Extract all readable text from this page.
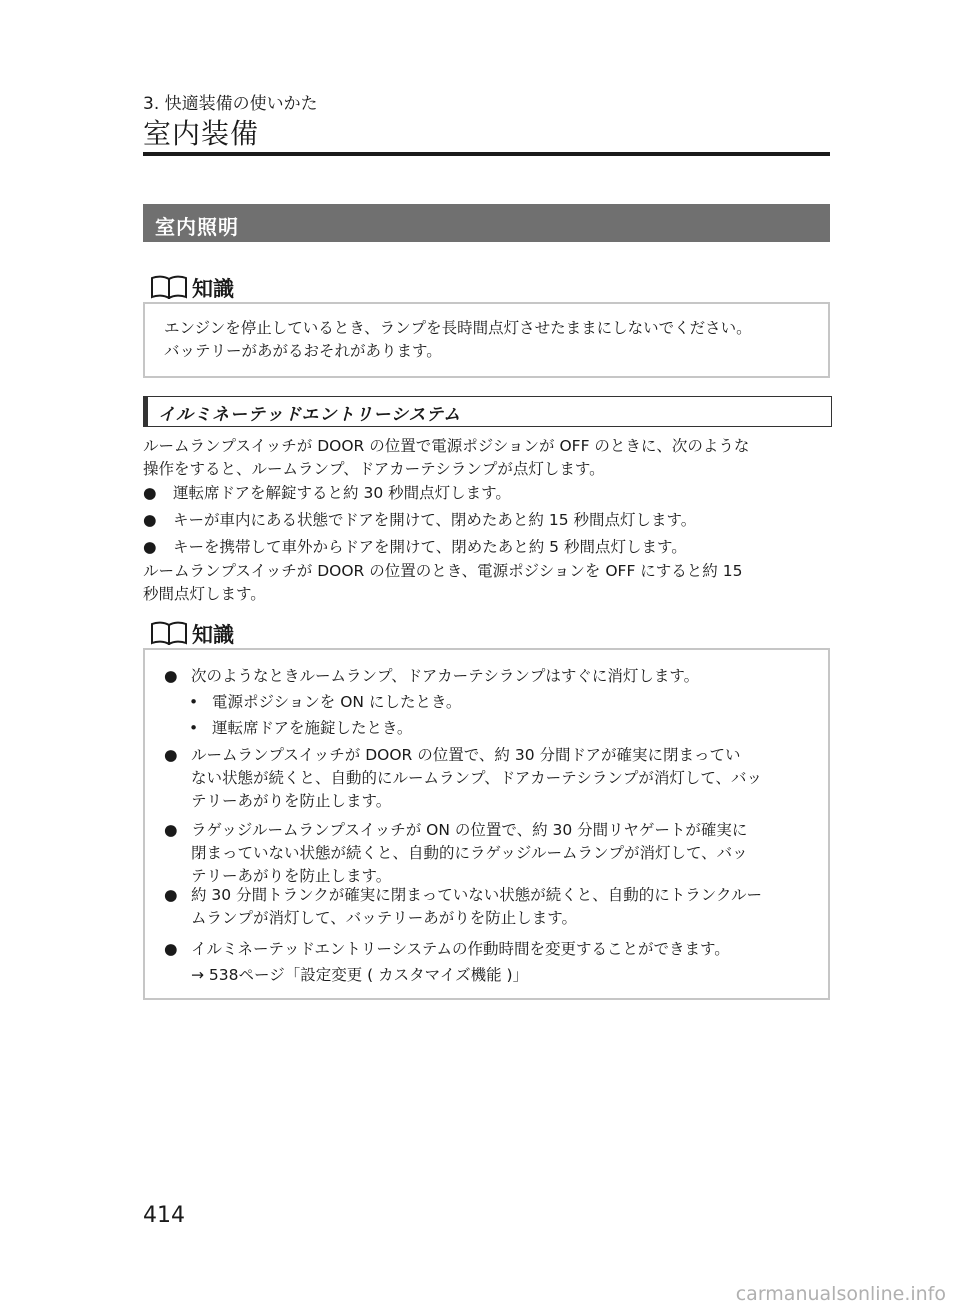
3. 快適装備の使いかた
室内装備
室内照明
知識
エンジンを停止しているとき、ランプを長時間点灯させたままにしないでください。
バッテリーがあがるおそれがあります。
イルミネーテッドエントリーシステム
ルームランプスイッチが DOOR の位置で電源ポジションが OFF のときに、次のような
操作をすると、ルームランプ、ドアカーテシランプが点灯します。
● 運転席ドアを解錠すると約 30 秒間点灯します。
● キーが車内にある状態でドアを開けて、閉めたあと約 15 秒間点灯します。
● キーを携帯して車外からドアを開けて、閉めたあと約 5 秒間点灯します。
ルームランプスイッチが DOOR の位置のとき、電源ポジションを OFF にすると約 15
秒間点灯します。
知識
● 次のようなときルームランプ、ドアカーテシランプはすぐに消灯します。
• 電源ポジションを ON にしたとき。
• 運転席ドアを施錠したとき。
● ルームランプスイッチが DOOR の位置で、約 30 分間ドアが確実に閉まってい
ない状態が続くと、自動的にルームランプ、ドアカーテシランプが消灯して、バッ
テリーあがりを防止します。
● ラゲッジルームランプスイッチが ON の位置で、約 30 分間リヤゲートが確実に
閉まっていない状態が続くと、自動的にラゲッジルームランプが消灯して、バッ
テリーあがりを防止します。
● 約 30 分間トランクが確実に閉まっていない状態が続くと、自動的にトランクルー
ムランプが消灯して、バッテリーあがりを防止します。
● イルミネーテッドエントリーシステムの作動時間を変更することができます。
→ 538ページ「設定変更 ( カスタマイズ機能 )」
414
carmanualsonline.info
